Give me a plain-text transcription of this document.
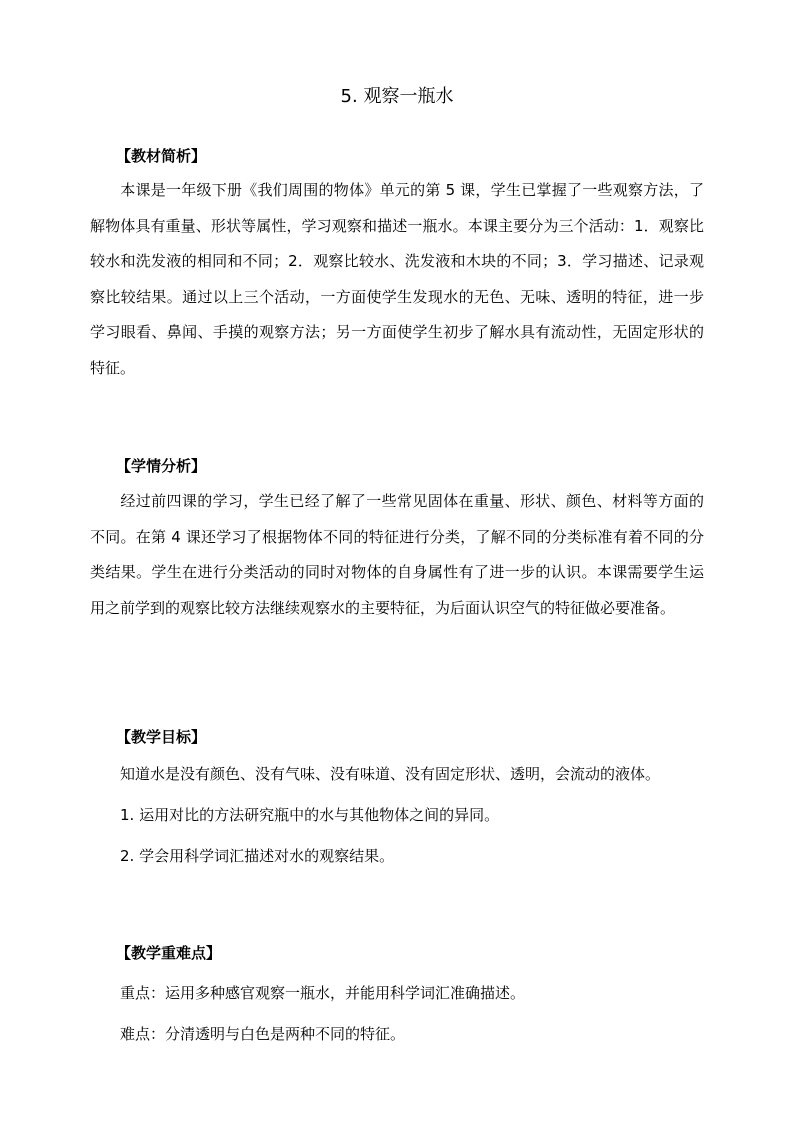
5. 观察一瓶水
【教材简析】
本课是一年级下册《我们周围的物体》单元的第 5 课，学生已掌握了一些观察方法，了解物体具有重量、形状等属性，学习观察和描述一瓶水。本课主要分为三个活动：1．观察比较水和洗发液的相同和不同；2．观察比较水、洗发液和木块的不同；3．学习描述、记录观察比较结果。通过以上三个活动，一方面使学生发现水的无色、无味、透明的特征，进一步学习眼看、鼻闻、手摸的观察方法；另一方面使学生初步了解水具有流动性，无固定形状的特征。
【学情分析】
经过前四课的学习，学生已经了解了一些常见固体在重量、形状、颜色、材料等方面的不同。在第 4 课还学习了根据物体不同的特征进行分类，了解不同的分类标准有着不同的分类结果。学生在进行分类活动的同时对物体的自身属性有了进一步的认识。本课需要学生运用之前学到的观察比较方法继续观察水的主要特征，为后面认识空气的特征做必要准备。
【教学目标】
知道水是没有颜色、没有气味、没有味道、没有固定形状、透明，会流动的液体。
1. 运用对比的方法研究瓶中的水与其他物体之间的异同。
2. 学会用科学词汇描述对水的观察结果。
【教学重难点】
重点：运用多种感官观察一瓶水，并能用科学词汇准确描述。
难点：分清透明与白色是两种不同的特征。
